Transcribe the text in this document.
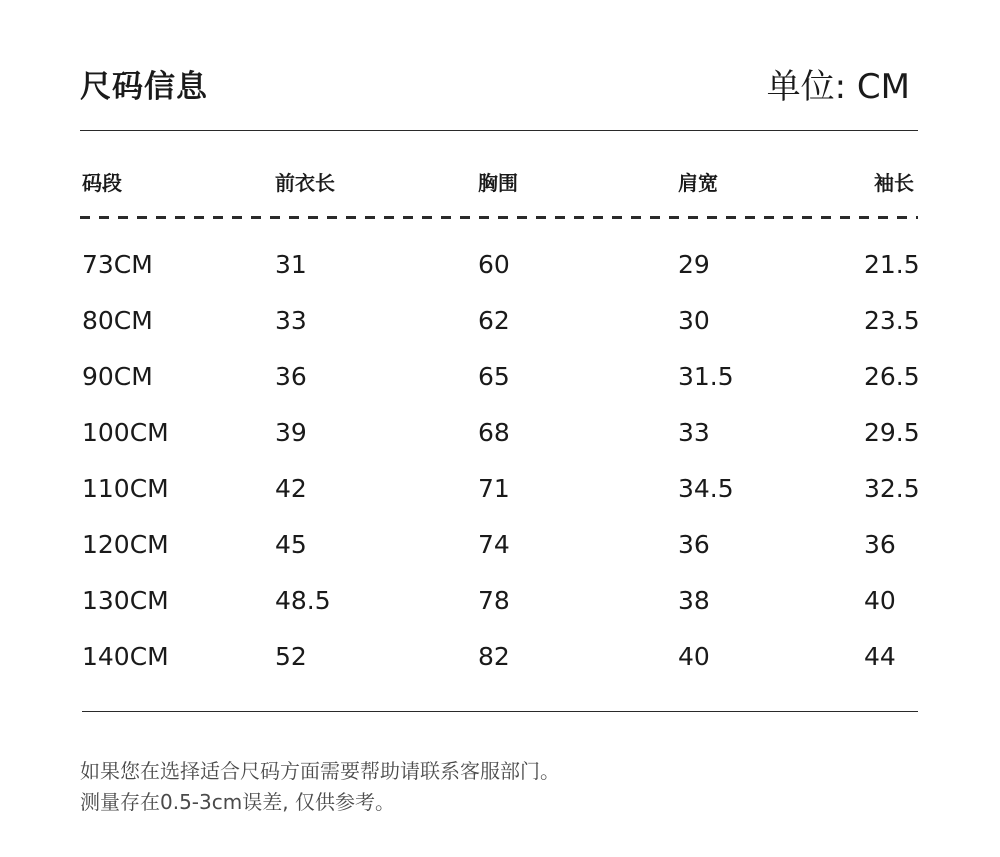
尺码信息	单位: CM
码段	前衣长	胸围	肩宽	袖长
73CM	31	60	29	21.5
80CM	33	62	30	23.5
90CM	36	65	31.5	26.5
100CM	39	68	33	29.5
110CM	42	71	34.5	32.5
120CM	45	74	36	36
130CM	48.5	78	38	40
140CM	52	82	40	44

如果您在选择适合尺码方面需要帮助请联系客服部门。

测量存在0.5-3cm误差, 仅供参考。
